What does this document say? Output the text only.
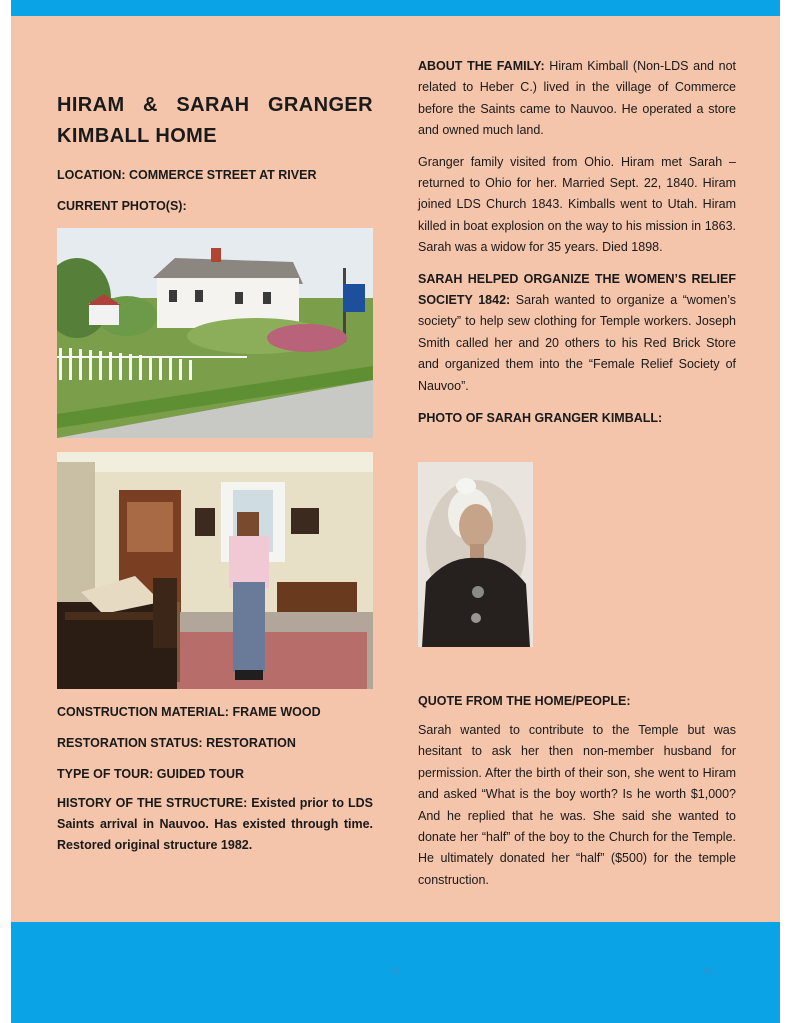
HIRAM & SARAH GRANGER KIMBALL HOME

LOCATION: COMMERCE STREET AT RIVER

CURRENT PHOTO(S):

CONSTRUCTION MATERIAL: FRAME WOOD

RESTORATION STATUS: RESTORATION

TYPE OF TOUR: GUIDED TOUR

HISTORY OF THE STRUCTURE: Existed prior to LDS Saints arrival in Nauvoo. Has existed through time. Restored original structure 1982.

ABOUT THE FAMILY: Hiram Kimball (Non-LDS and not related to Heber C.) lived in the village of Commerce before the Saints came to Nauvoo. He operated a store and owned much land.

Granger family visited from Ohio. Hiram met Sarah – returned to Ohio for her. Married Sept. 22, 1840. Hiram joined LDS Church 1843. Kimballs went to Utah. Hiram killed in boat explosion on the way to his mission in 1863. Sarah was a widow for 35 years. Died 1898.

SARAH HELPED ORGANIZE THE WOMEN’S RELIEF SOCIETY 1842: Sarah wanted to organize a “women’s society” to help sew clothing for Temple workers. Joseph Smith called her and 20 others to his Red Brick Store and organized them into the “Female Relief Society of Nauvoo”.

PHOTO OF SARAH GRANGER KIMBALL:

QUOTE FROM THE HOME/PEOPLE:

Sarah wanted to contribute to the Temple but was hesitant to ask her then non-member husband for permission. After the birth of their son, she went to Hiram and asked “What is the boy worth? Is he worth $1,000? And he replied that he was. She said she wanted to donate her “half” of the boy to the Church for the Temple. He ultimately donated her “half” ($500) for the temple construction.

3	41
